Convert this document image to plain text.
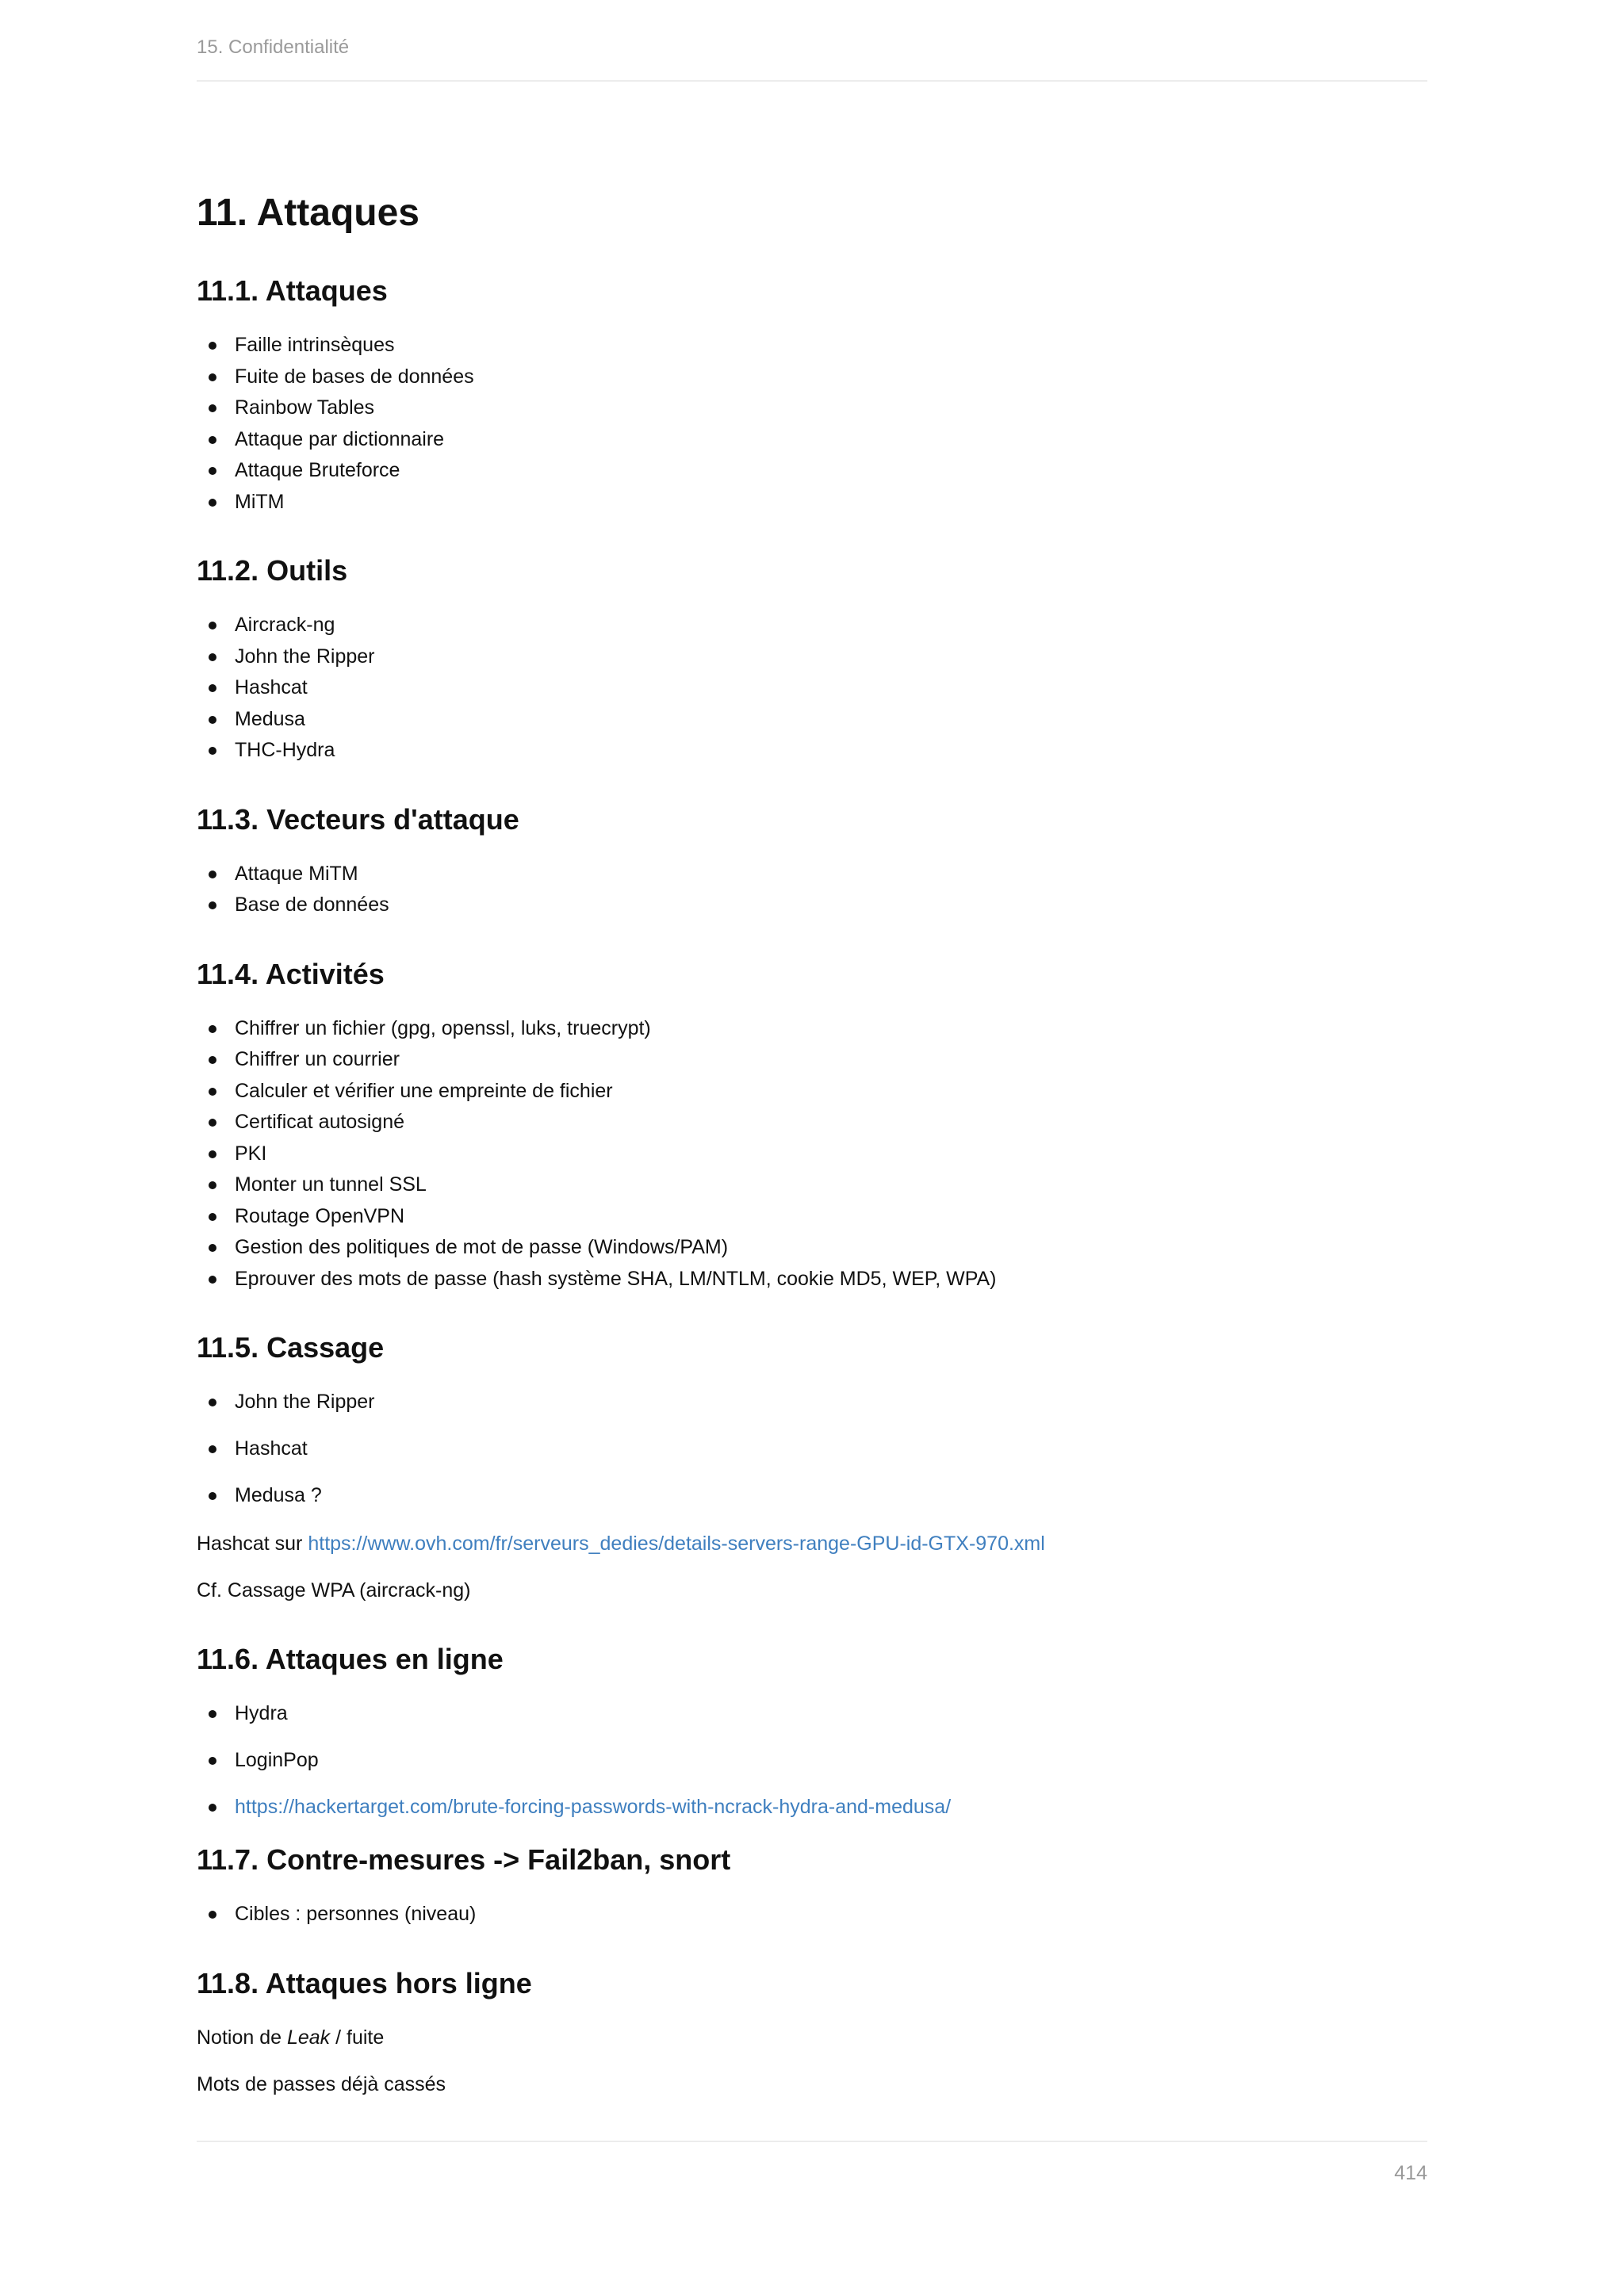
15. Confidentialité
11. Attaques
11.1. Attaques
Faille intrinsèques
Fuite de bases de données
Rainbow Tables
Attaque par dictionnaire
Attaque Bruteforce
MiTM
11.2. Outils
Aircrack-ng
John the Ripper
Hashcat
Medusa
THC-Hydra
11.3. Vecteurs d'attaque
Attaque MiTM
Base de données
11.4. Activités
Chiffrer un fichier (gpg, openssl, luks, truecrypt)
Chiffrer un courrier
Calculer et vérifier une empreinte de fichier
Certificat autosigné
PKI
Monter un tunnel SSL
Routage OpenVPN
Gestion des politiques de mot de passe (Windows/PAM)
Eprouver des mots de passe (hash système SHA, LM/NTLM, cookie MD5, WEP, WPA)
11.5. Cassage
John the Ripper
Hashcat
Medusa ?

Hashcat sur https://www.ovh.com/fr/serveurs_dedies/details-servers-range-GPU-id-GTX-970.xml

Cf. Cassage WPA (aircrack-ng)

11.6. Attaques en ligne
Hydra
LoginPop
https://hackertarget.com/brute-forcing-passwords-with-ncrack-hydra-and-medusa/
11.7. Contre-mesures -> Fail2ban, snort
Cibles : personnes (niveau)
11.8. Attaques hors ligne

Notion de Leak / fuite

Mots de passes déjà cassés

414
